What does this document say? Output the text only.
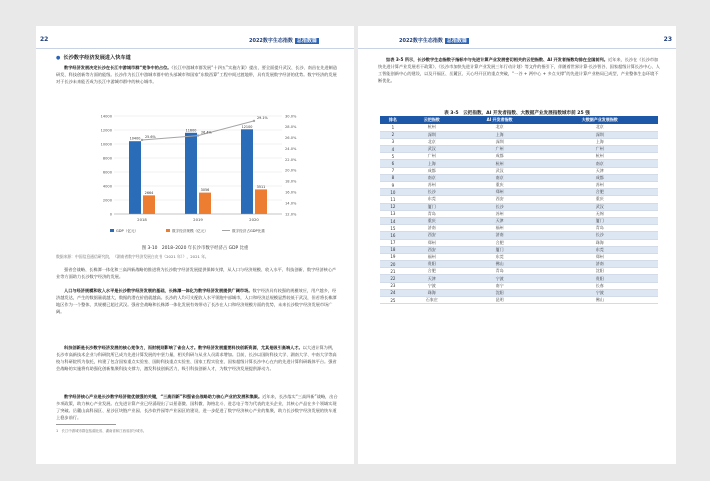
22	2022数字生态指数 总指数篇
● 长沙数字经济发展进入快车道
数字经济发展决定长沙在长江中游城市群“竞争中的占位。《长江中游城市群发展“十四五”实施方案》提出，要全面提升武汉、长沙、南昌在先进制造研发、科技创新等方面的能级。长沙作为长江中游城市群中的头部城市和国家“东数西算”工程中间过渡地带，具有发展数字经济的优势。数字经济的发展对于长沙未来能否成为长江中游城市群中的核心城市。
0
2000
4000
6000
8000
10000
12000
14000
12.0%
14.0%
16.0%
18.0%
20.0%
22.0%
24.0%
26.0%
28.0%
30.0%
2018
10400
2664
2019
11600
3056
2020
12100
3511
25.6%
26.4%
29.1%
GDP（亿元）	数字经济规模（亿元）	数字经济占GDP比重
图 3-10　2018–2020 年长沙市数字经济占 GDP 比重
数据来源：中国信息通信研究院，《湖南省数字经济发展白皮书（2021 年）》，2021 年。
强省会战略、长株潭一体化和三高四新战略的推进将为长沙数字经济发展提供保障支撑，从人口与经济规模、收入水平、科技创新、数字经济核心产业等方面助力长沙数字经济的发展。
人口与经济规模和收入水平是长沙数字经济发展的基础，长株潭一体化为数字经济发展提供广阔市场。数字经济具有较强的规模效应，用户越多，经济越发达，产生的数据量就越大，数据的潜在价值就越高。长沙的人均可支配收入水平领跑中部城市，人口和经济总规模显然较低于武汉，但若将长株潭地区作为一个整体，其规模已超过武汉。强省会战略和长株潭一体化发展有效带动了长沙在人口和经济规模方面的优势，未来长沙数字经济发展市场广阔。
科技创新是长沙数字经济发展的核心竞争力，而财税则影响了省会人才。数字经济发展重要科技创新资源，尤其是吸引高端人才。以大进计算为例，长沙市高新技术企业与科研院所已成为先进计算发展的中坚力量，相关科研与从业人员需求增加。目前，长沙以国防科技大学、湖南大学、中南大学等高校与科研院所为依托，构建了包含国家重点实验室、国防科技重点实验室、国家工程实验室、国家超级计算长沙中心在内的先进计算科研载体平台。强省会战略的实施将有助强化创新集聚科技支撑力，激发科技创新活力，吸引科技创新人才，为数字经济发展提供源动力。
数字经济核心产业是长沙数字经济做优做强的关键，“三高四新”和强省会战略助力核心产业的发展和集聚。近年来，长沙落实“三高四新”战略，出台多项政策，助力核心产业发展。在先进计算产业已经涌现出了以景嘉微、国科微、海格北斗、进芯电子等为代表的龙头企业，其核心产品在多个领域实现了突破。岳麓山高科园区、星沙区块链产业园、长沙软件园等产业园区的建设，进一步促进了数字经济核心产业的集聚，助力长沙数字经济发展的快车道上稳步前行。
1　长江中游城市群包括湖北省、湖南省和江西省部分城市。
2022数字生态指数 总指数篇	23
如表 3-5 所示，长沙数字生态指数子指标中与先进计算产业发展密切相关的云把指数、AI 开发者指数均排在全国前列。近年来，长沙在《长沙市加快先进计算产业发展若干政策》、《长沙市加快先进计算产业发展三年行动计划》等文件的指引下，伴随着世界计算·长沙智谷、国家超级计算长沙中心、人工智能创新中心的建设，以及开福区、岳麓区、天心经开区的重点突破，“一谷 + 两中心 + 多点支撑”的先进计算产业格局已成型，产业整体生态环境不断优化。
表 3-5　云把指数、AI 开发者指数、大数据产业发展指数城市前 25 强
排名	云把指数	AI 开发者指数	大数据产业发展指数
1	杭州	北京	北京
2	深圳	上海	深圳
3	北京	深圳	上海
4	武汉	广州	广州
5	广州	成都	杭州
6	上海	杭州	南京
7	成都	武汉	天津
8	南京	南京	成都
9	苏州	重庆	苏州
10	长沙	郑州	合肥
11	东莞	西安	重庆
12	厦门	长沙	武汉
13	青岛	苏州	无锡
14	重庆	天津	厦门
15	济南	福州	青岛
16	西安	济南	长沙
17	郑州	合肥	珠海
18	西安	厦门	东莞
19	福州	东莞	郑州
20	贵阳	佛山	济南
21	合肥	青岛	沈阳
22	天津	宁波	贵阳
23	宁波	南宁	长春
24	珠海	沈阳	宁波
25	石家庄	昆明	佛山
